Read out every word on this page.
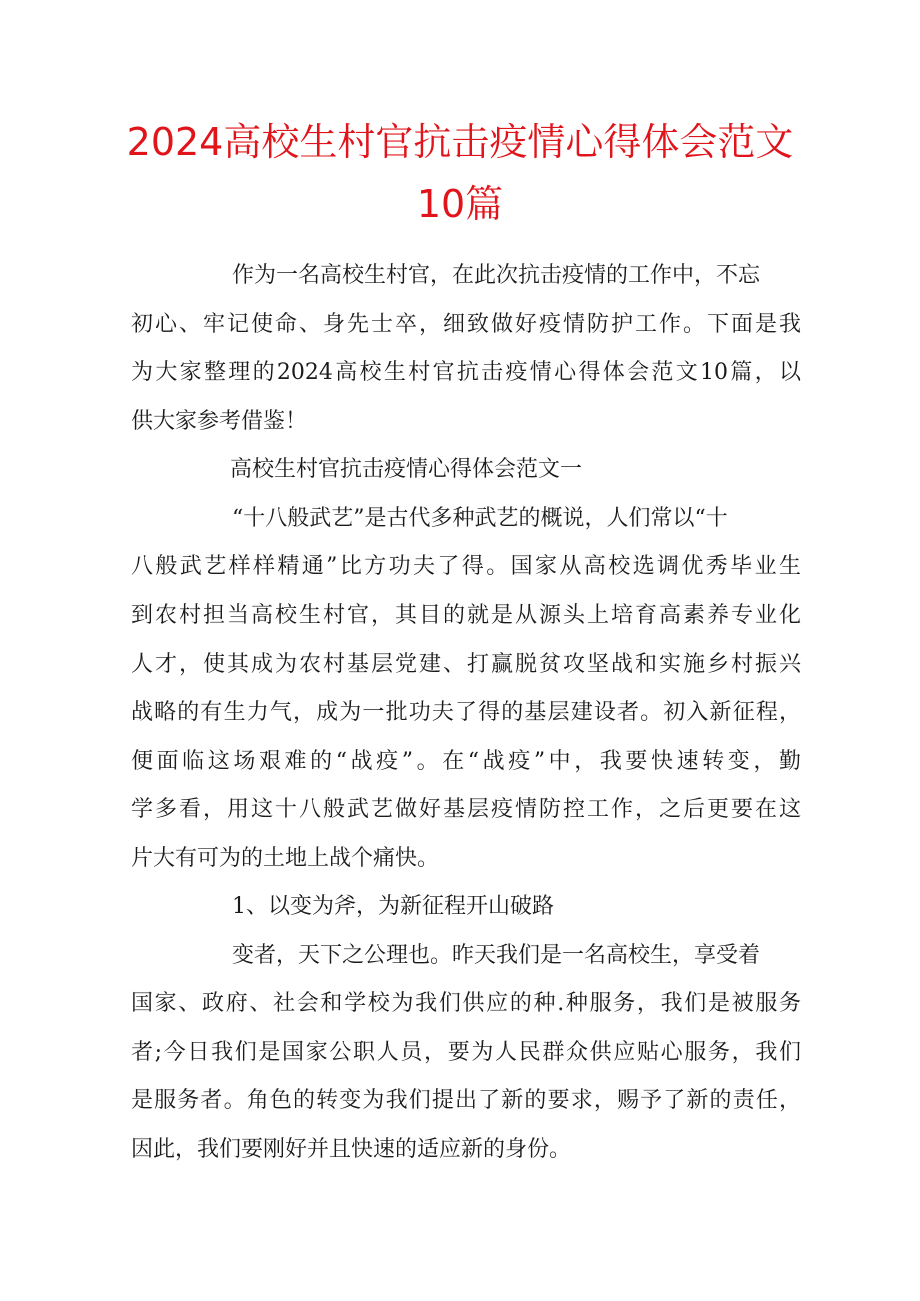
2024高校生村官抗击疫情心得体会范文
10篇
作为一名高校生村官，在此次抗击疫情的工作中，不忘
初心、牢记使命、身先士卒，细致做好疫情防护工作。下面是我
为大家整理的2024高校生村官抗击疫情心得体会范文10篇，以
供大家参考借鉴！
高校生村官抗击疫情心得体会范文一
“十八般武艺”是古代多种武艺的概说，人们常以“十
八般武艺样样精通”比方功夫了得。国家从高校选调优秀毕业生
到农村担当高校生村官，其目的就是从源头上培育高素养专业化
人才，使其成为农村基层党建、打赢脱贫攻坚战和实施乡村振兴
战略的有生力气，成为一批功夫了得的基层建设者。初入新征程，
便面临这场艰难的“战疫”。在“战疫”中，我要快速转变，勤
学多看，用这十八般武艺做好基层疫情防控工作，之后更要在这
片大有可为的土地上战个痛快。
1、以变为斧，为新征程开山破路
变者，天下之公理也。昨天我们是一名高校生，享受着
国家、政府、社会和学校为我们供应的种.种服务，我们是被服务
者;今日我们是国家公职人员，要为人民群众供应贴心服务，我们
是服务者。角色的转变为我们提出了新的要求，赐予了新的责任，
因此，我们要刚好并且快速的适应新的身份。
